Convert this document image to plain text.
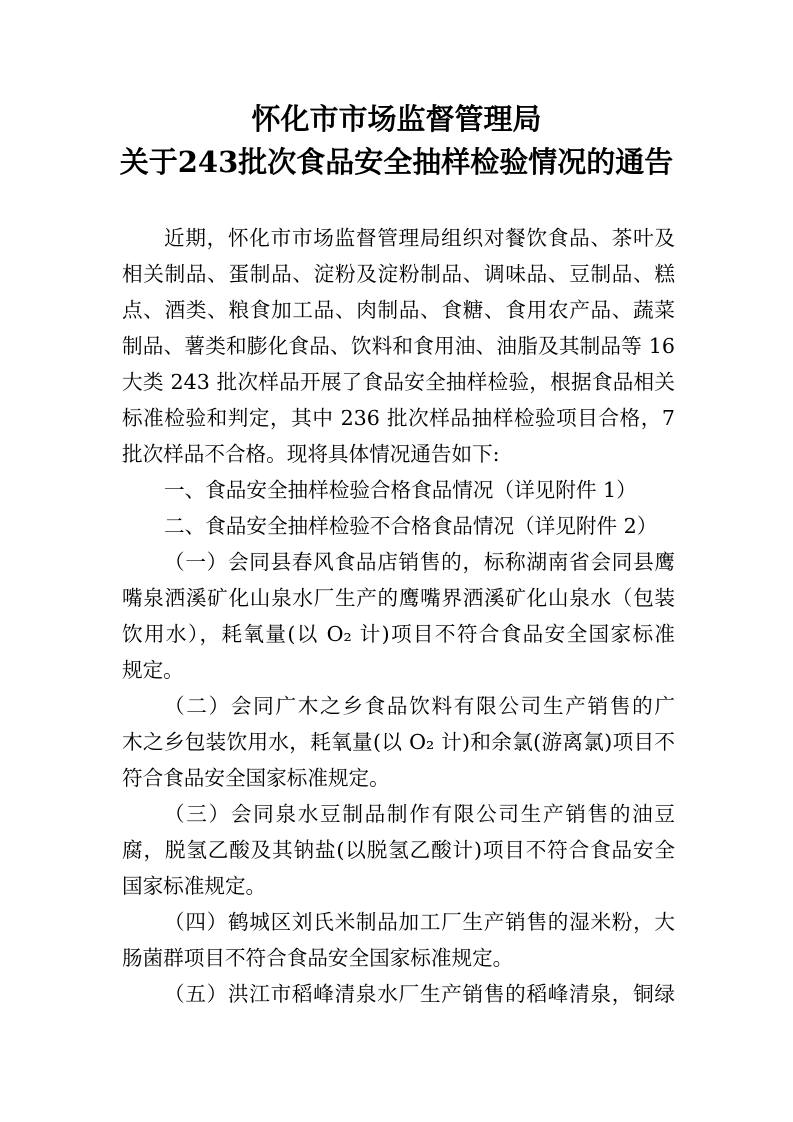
怀化市市场监督管理局
关于243批次食品安全抽样检验情况的通告
近期，怀化市市场监督管理局组织对餐饮食品、茶叶及
相关制品、蛋制品、淀粉及淀粉制品、调味品、豆制品、糕
点、酒类、粮食加工品、肉制品、食糖、食用农产品、蔬菜
制品、薯类和膨化食品、饮料和食用油、油脂及其制品等 16
大类 243 批次样品开展了食品安全抽样检验，根据食品相关
标准检验和判定，其中 236 批次样品抽样检验项目合格，7
批次样品不合格。现将具体情况通告如下:
一、食品安全抽样检验合格食品情况（详见附件 1）
二、食品安全抽样检验不合格食品情况（详见附件 2）
（一）会同县春风食品店销售的，标称湖南省会同县鹰
嘴泉洒溪矿化山泉水厂生产的鹰嘴界洒溪矿化山泉水（包装
饮用水），耗氧量(以 O₂ 计)项目不符合食品安全国家标准
规定。
（二）会同广木之乡食品饮料有限公司生产销售的广
木之乡包装饮用水，耗氧量(以 O₂ 计)和余氯(游离氯)项目不
符合食品安全国家标准规定。
（三）会同泉水豆制品制作有限公司生产销售的油豆
腐，脱氢乙酸及其钠盐(以脱氢乙酸计)项目不符合食品安全
国家标准规定。
（四）鹤城区刘氏米制品加工厂生产销售的湿米粉，大
肠菌群项目不符合食品安全国家标准规定。
（五）洪江市稻峰清泉水厂生产销售的稻峰清泉，铜绿
